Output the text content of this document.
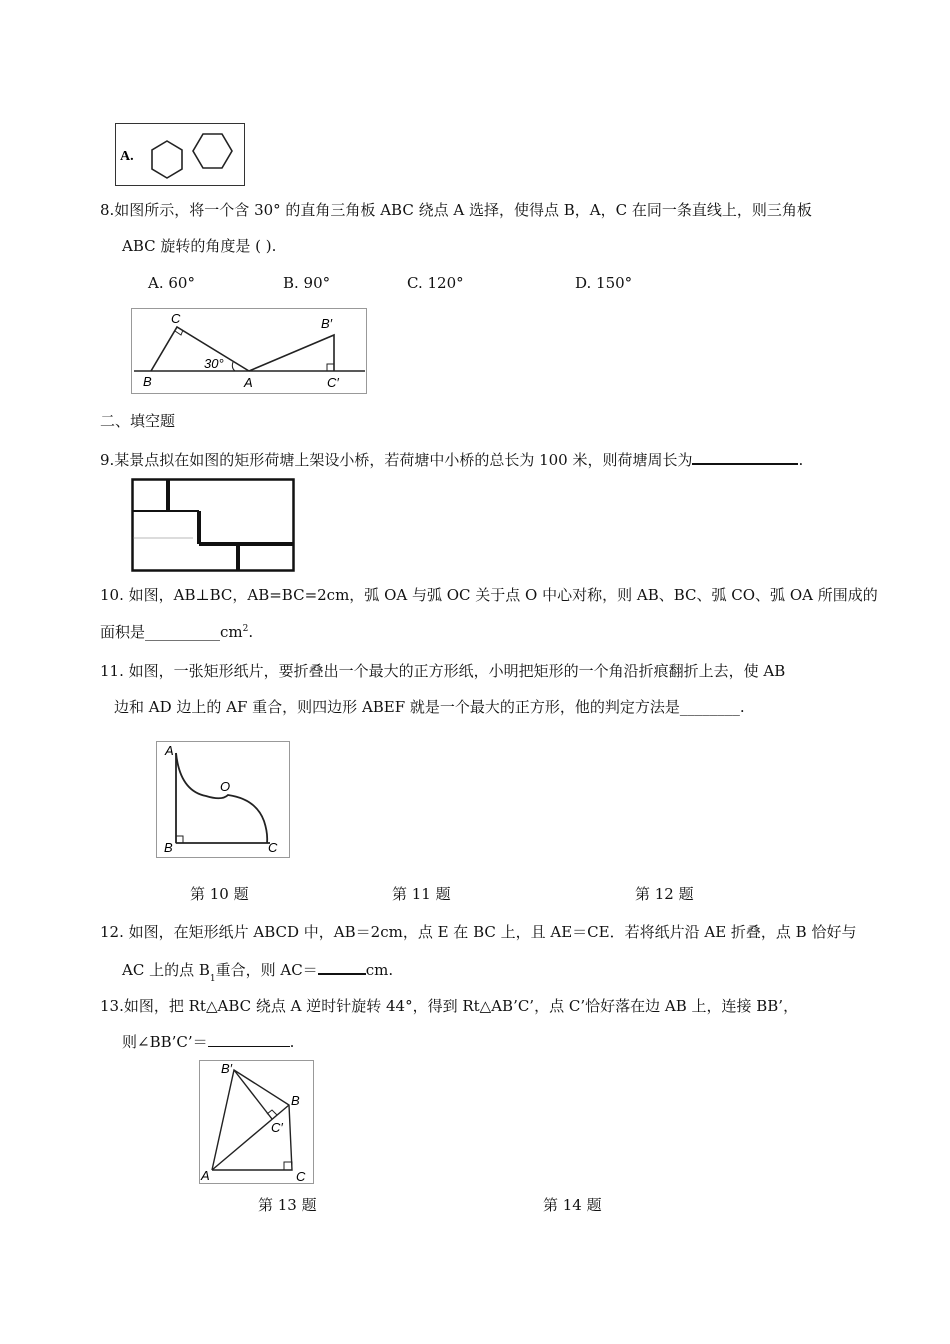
A.
8.如图所示，将一个含 30° 的直角三角板 ABC 绕点 A 选择，使得点 B，A，C 在同一条直线上，则三角板
ABC 旋转的角度是 ( ).
A. 60°	B. 90°	C. 120°	D. 150°
C
B	A
30°
B′
C′
二、填空题
9.某景点拟在如图的矩形荷塘上架设小桥，若荷塘中小桥的总长为 100 米，则荷塘周长为	.
10. 如图，AB⊥BC，AB=BC=2cm，弧 OA 与弧 OC 关于点 O 中心对称，则 AB、BC、弧 CO、弧 OA 所围成的
面积是$\_\_\_\_\_\_\_\_\_\_cm^2$.
11. 如图，一张矩形纸片，要折叠出一个最大的正方形纸，小明把矩形的一个角沿折痕翻折上去，使 AB
边和 AD 边上的 AF 重合，则四边形 ABEF 就是一个最大的正方形，他的判定方法是________.
A
O
B	C
第 10 题	第 11 题	第 12 题
12. 如图，在矩形纸片 ABCD 中，AB＝2cm，点 E 在 BC 上，且 AE＝CE．若将纸片沿 AE 折叠，点 B 恰好与
AC 上的点 $B_1$重合，则 AC＝	cm.
13.如图，把 Rt△ABC 绕点 A 逆时针旋转 44°，得到 Rt△AB’C’，点 C’恰好落在边 AB 上，连接 BB’，
则∠BB’C’＝	.
B′
B
C′
A	C
第 13 题	第 14 题
